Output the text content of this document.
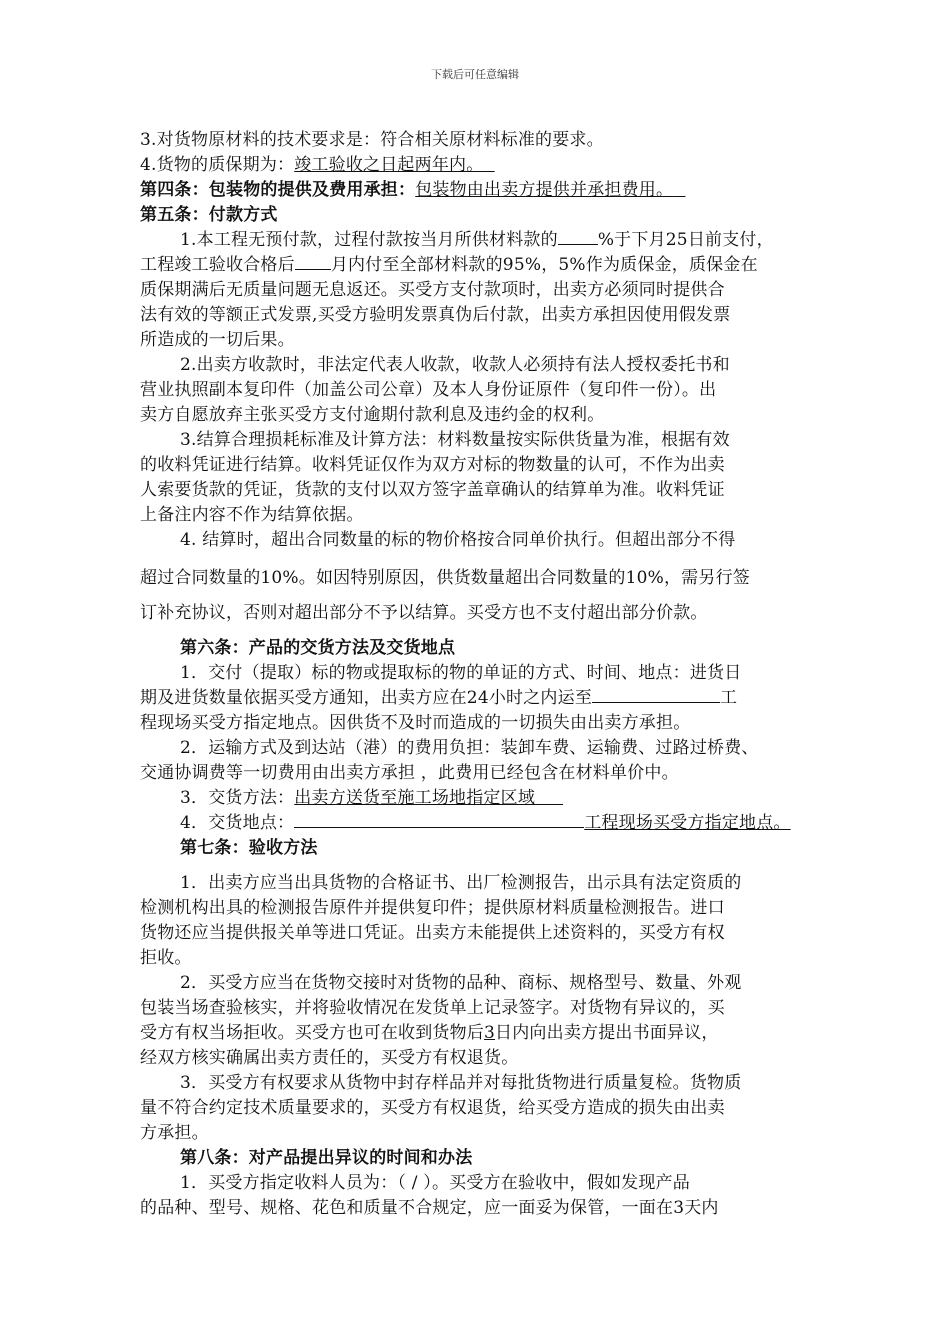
下载后可任意编辑
3.对货物原材料的技术要求是：符合相关原材料标准的要求。
4.货物的质保期为：竣工验收之日起两年内。
第四条：包装物的提供及费用承担：包装物由出卖方提供并承担费用。
第五条：付款方式
1.本工程无预付款，过程付款按当月所供材料款的 %于下月25日前支付，
工程竣工验收合格后 月内付至全部材料款的95%，5%作为质保金，质保金在
质保期满后无质量问题无息返还。买受方支付款项时，出卖方必须同时提供合
法有效的等额正式发票,买受方验明发票真伪后付款，出卖方承担因使用假发票
所造成的一切后果。
2.出卖方收款时，非法定代表人收款，收款人必须持有法人授权委托书和
营业执照副本复印件（加盖公司公章）及本人身份证原件（复印件一份）。出
卖方自愿放弃主张买受方支付逾期付款利息及违约金的权利。
3.结算合理损耗标准及计算方法：材料数量按实际供货量为准，根据有效
的收料凭证进行结算。收料凭证仅作为双方对标的物数量的认可，不作为出卖
人索要货款的凭证，货款的支付以双方签字盖章确认的结算单为准。收料凭证
上备注内容不作为结算依据。
4. 结算时，超出合同数量的标的物价格按合同单价执行。但超出部分不得
超过合同数量的10%。如因特别原因，供货数量超出合同数量的10%，需另行签
订补充协议，否则对超出部分不予以结算。买受方也不支付超出部分价款。
第六条：产品的交货方法及交货地点
1．交付（提取）标的物或提取标的物的单证的方式、时间、地点：进货日
期及进货数量依据买受方通知，出卖方应在24小时之内运至	工
程现场买受方指定地点。因供货不及时而造成的一切损失由出卖方承担。
2．运输方式及到达站（港）的费用负担：装卸车费、运输费、过路过桥费、
交通协调费等一切费用由出卖方承担 ，此费用已经包含在材料单价中。
3．交货方法：出卖方送货至施工场地指定区域
4．交货地点：	工程现场买受方指定地点。
第七条：验收方法
1．出卖方应当出具货物的合格证书、出厂检测报告，出示具有法定资质的
检测机构出具的检测报告原件并提供复印件；提供原材料质量检测报告。进口
货物还应当提供报关单等进口凭证。出卖方未能提供上述资料的，买受方有权
拒收。
2．买受方应当在货物交接时对货物的品种、商标、规格型号、数量、外观
包装当场查验核实，并将验收情况在发货单上记录签字。对货物有异议的，买
受方有权当场拒收。买受方也可在收到货物后3日内向出卖方提出书面异议，
经双方核实确属出卖方责任的，买受方有权退货。
3．买受方有权要求从货物中封存样品并对每批货物进行质量复检。货物质
量不符合约定技术质量要求的，买受方有权退货，给买受方造成的损失由出卖
方承担。
第八条：对产品提出异议的时间和办法
1．买受方指定收料人员为：（ / ）。买受方在验收中，假如发现产品
的品种、型号、规格、花色和质量不合规定，应一面妥为保管，一面在3天内
